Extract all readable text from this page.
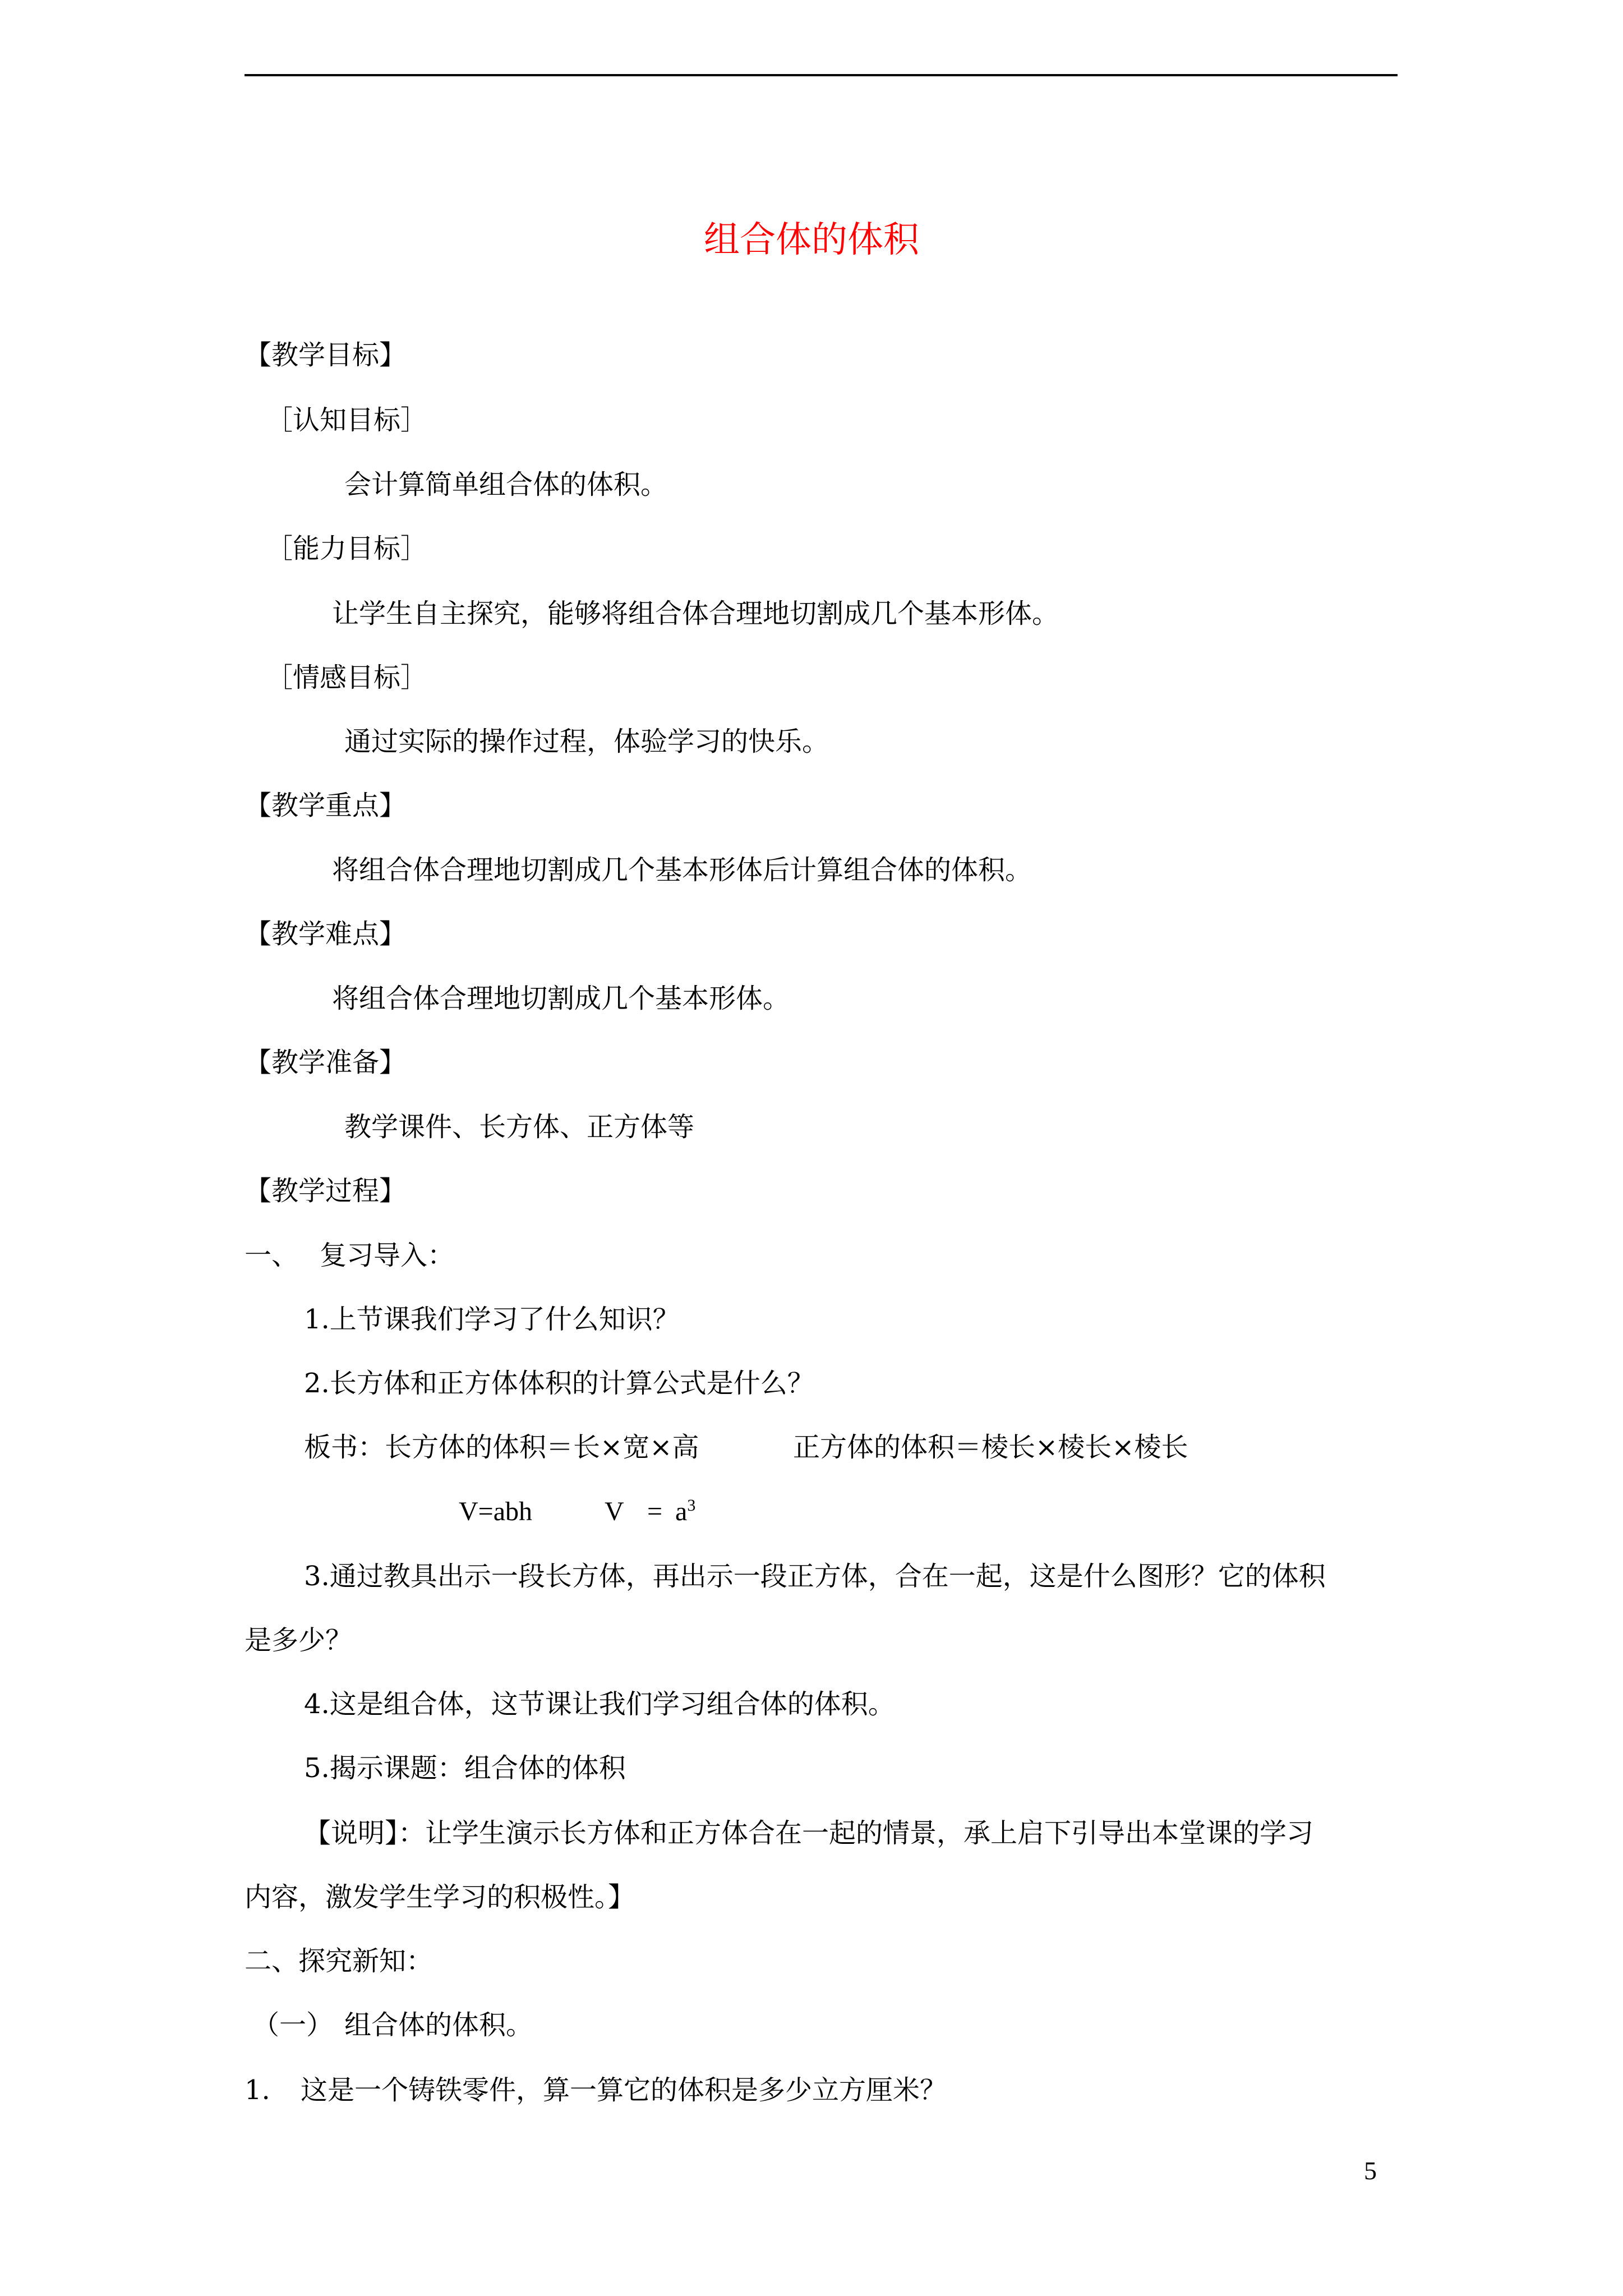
组合体的体积
【教学目标】
［认知目标］
会计算简单组合体的体积。
［能力目标］
让学生自主探究，能够将组合体合理地切割成几个基本形体。
［情感目标］
通过实际的操作过程，体验学习的快乐。
【教学重点】
将组合体合理地切割成几个基本形体后计算组合体的体积。
【教学难点】
将组合体合理地切割成几个基本形体。
【教学准备】
教学课件、长方体、正方体等
【教学过程】
一、 复习导入：
1.上节课我们学习了什么知识？
2.长方体和正方体体积的计算公式是什么？
板书：长方体的体积＝长×宽×高	正方体的体积＝棱长×棱长×棱长
V=abh	$V = a^3$
3.通过教具出示一段长方体，再出示一段正方体，合在一起，这是什么图形？它的体积
是多少？
4.这是组合体，这节课让我们学习组合体的体积。
5.揭示课题：组合体的体积
【说明】：让学生演示长方体和正方体合在一起的情景，承上启下引导出本堂课的学习
内容，激发学生学习的积极性。】
二、探究新知：
（一） 组合体的体积。
1. 这是一个铸铁零件，算一算它的体积是多少立方厘米？
5
